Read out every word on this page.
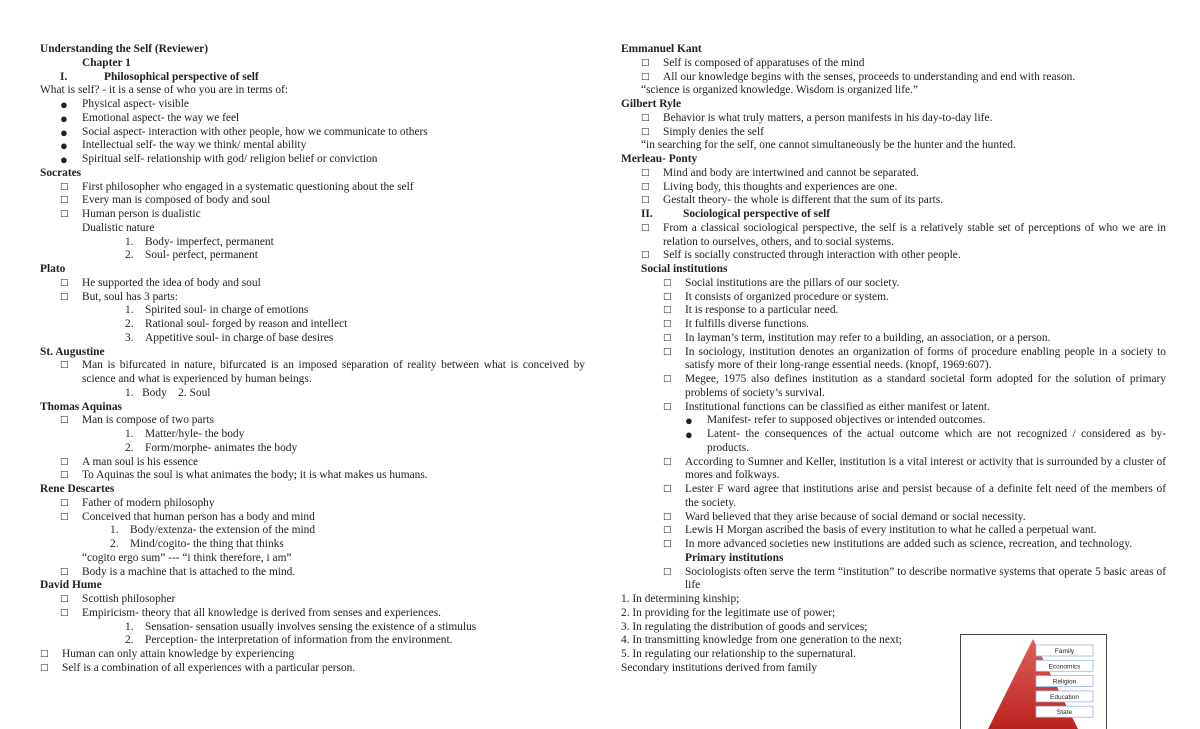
Understanding the Self (Reviewer)
Chapter 1
I.	Philosophical perspective of self
What is self? - it is a sense of who you are in terms of:
●	Physical aspect- visible
●	Emotional aspect- the way we feel
●	Social aspect- interaction with other people, how we communicate to others
●	Intellectual self- the way we think/ mental ability
●	Spiritual self- relationship with god/ religion belief or conviction
Socrates
□	First philosopher who engaged in a systematic questioning about the self
□	Every man is composed of body and soul
□	Human person is dualistic
Dualistic nature
1.	Body- imperfect, permanent
2.	Soul- perfect, permanent
Plato
□	He supported the idea of body and soul
□	But, soul has 3 parts:
1.	Spirited soul- in charge of emotions
2.	Rational soul- forged by reason and intellect
3.	Appetitive soul- in charge of base desires
St. Augustine
□	Man is bifurcated in nature, bifurcated is an imposed separation of reality between what is conceived by science and what is experienced by human beings.
1.   Body    2. Soul
Thomas Aquinas
□	Man is compose of two parts
1.	Matter/hyle- the body
2.	Form/morphe- animates the body
□	A man soul is his essence
□	To Aquinas the soul is what animates the body; it is what makes us humans.
Rene Descartes
□	Father of modern philosophy
□	Conceived that human person has a body and mind
1.	Body/extenza- the extension of the mind
2.	Mind/cogito- the thing that thinks
“cogito ergo sum” --- “i think therefore, i am”
□	Body is a machine that is attached to the mind.
David Hume
□	Scottish philosopher
□	Empiricism- theory that all knowledge is derived from senses and experiences.
1.	Sensation- sensation usually involves sensing the existence of a stimulus
2.	Perception- the interpretation of information from the environment.
□	Human can only attain knowledge by experiencing
□	Self is a combination of all experiences with a particular person.
Emmanuel Kant
□	Self is composed of apparatuses of the mind
□	All our knowledge begins with the senses, proceeds to understanding and end with reason.
“science is organized knowledge. Wisdom is organized life.”
Gilbert Ryle
□	Behavior is what truly matters, a person manifests in his day-to-day life.
□	Simply denies the self
“in searching for the self, one cannot simultaneously be the hunter and the hunted.
Merleau- Ponty
□	Mind and body are intertwined and cannot be separated.
□	Living body, this thoughts and experiences are one.
□	Gestalt theory- the whole is different that the sum of its parts.
II.	Sociological perspective of self
□	From a classical sociological perspective, the self is a relatively stable set of perceptions of who we are in relation to ourselves, others, and to social systems.
□	Self is socially constructed through interaction with other people.
Social institutions
□	Social institutions are the pillars of our society.
□	It consists of organized procedure or system.
□	It is response to a particular need.
□	It fulfills diverse functions.
□	In layman’s term, institution may refer to a building, an association, or a person.
□	In sociology, institution denotes an organization of forms of procedure enabling people in a society to satisfy more of their long-range essential needs. (knopf, 1969:607).
□	Megee, 1975 also defines institution as a standard societal form adopted for the solution of primary problems of society’s survival.
□	Institutional functions can be classified as either manifest or latent.
●	Manifest- refer to supposed objectives or intended outcomes.
●	Latent- the consequences of the actual outcome which are not recognized / considered as by-products.
□	According to Sumner and Keller, institution is a vital interest or activity that is surrounded by a cluster of mores and folkways.
□	Lester F ward agree that institutions arise and persist because of a definite felt need of the members of the society.
□	Ward believed that they arise because of social demand or social necessity.
□	Lewis H Morgan ascribed the basis of every institution to what he called a perpetual want.
□	In more advanced societies new institutions are added such as science, recreation, and technology.
Primary institutions
□	Sociologists often serve the term “institution” to describe normative systems that operate 5 basic areas of life
1. In determining kinship;
2. In providing for the legitimate use of power;
3. In regulating the distribution of goods and services;
4. In transmitting knowledge from one generation to the next;
5. In regulating our relationship to the supernatural.
Secondary institutions derived from family
Family
Economics
Religion
Education
State
